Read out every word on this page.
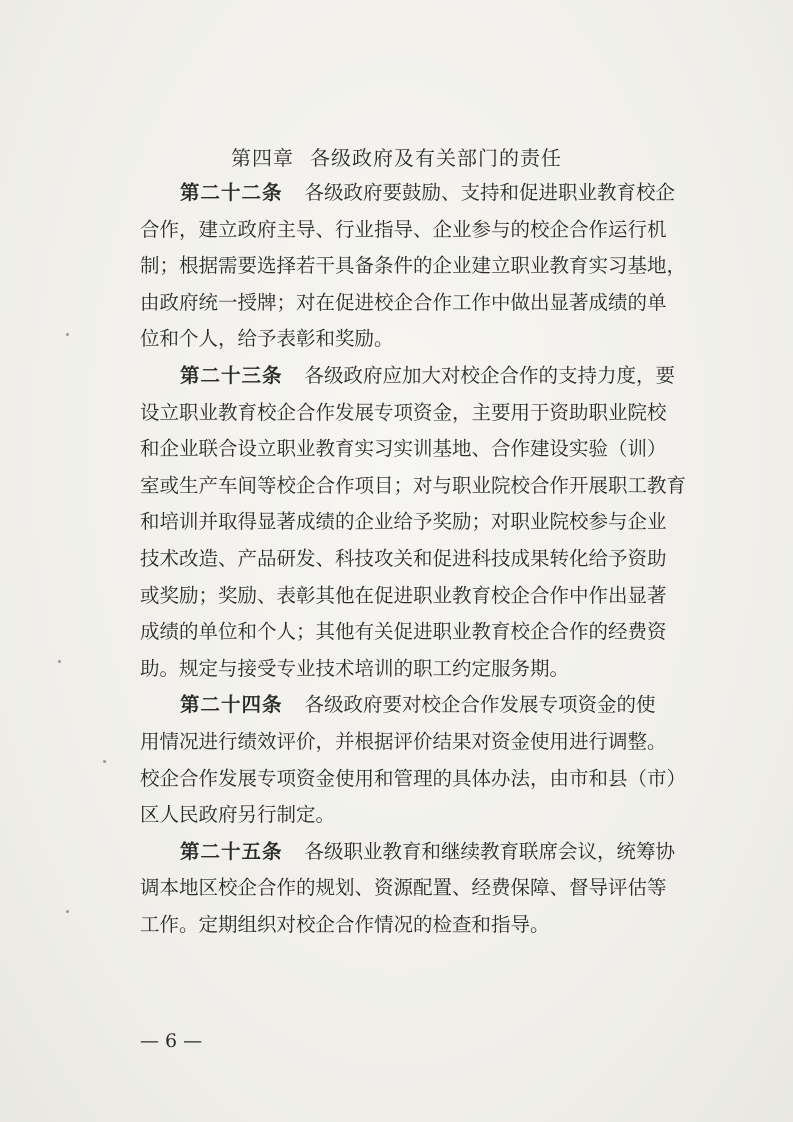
第四章 各级政府及有关部门的责任

第二十二条 各级政府要鼓励、支持和促进职业教育校企
合作，建立政府主导、行业指导、企业参与的校企合作运行机
制；根据需要选择若干具备条件的企业建立职业教育实习基地，
由政府统一授牌；对在促进校企合作工作中做出显著成绩的单
位和个人，给予表彰和奖励。

第二十三条 各级政府应加大对校企合作的支持力度，要
设立职业教育校企合作发展专项资金，主要用于资助职业院校
和企业联合设立职业教育实习实训基地、合作建设实验（训）
室或生产车间等校企合作项目；对与职业院校合作开展职工教育
和培训并取得显著成绩的企业给予奖励；对职业院校参与企业
技术改造、产品研发、科技攻关和促进科技成果转化给予资助
或奖励；奖励、表彰其他在促进职业教育校企合作中作出显著
成绩的单位和个人；其他有关促进职业教育校企合作的经费资
助。规定与接受专业技术培训的职工约定服务期。

第二十四条 各级政府要对校企合作发展专项资金的使
用情况进行绩效评价，并根据评价结果对资金使用进行调整。
校企合作发展专项资金使用和管理的具体办法，由市和县（市）
区人民政府另行制定。

第二十五条 各级职业教育和继续教育联席会议，统筹协
调本地区校企合作的规划、资源配置、经费保障、督导评估等
工作。定期组织对校企合作情况的检查和指导。

— 6 —
